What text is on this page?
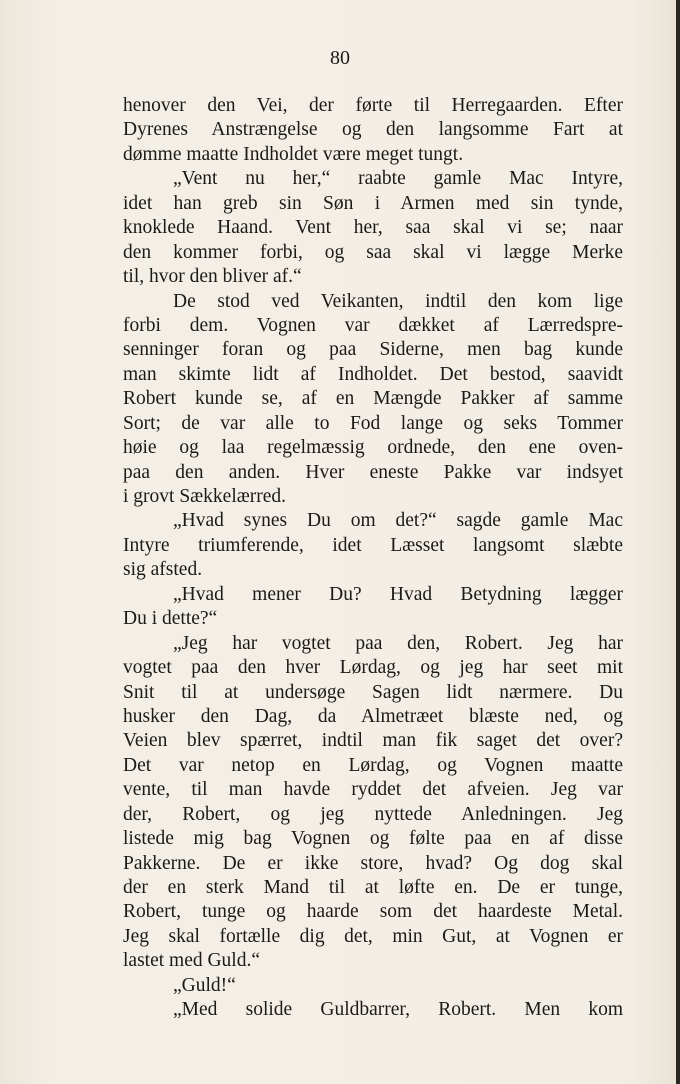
80
henover den Vei, der førte til Herregaarden. Efter
Dyrenes Anstrængelse og den langsomme Fart at
dømme maatte Indholdet være meget tungt.
„Vent nu her,“ raabte gamle Mac Intyre,
idet han greb sin Søn i Armen med sin tynde,
knoklede Haand. Vent her, saa skal vi se; naar
den kommer forbi, og saa skal vi lægge Merke
til, hvor den bliver af.“
De stod ved Veikanten, indtil den kom lige
forbi dem. Vognen var dækket af Lærredspre-
senninger foran og paa Siderne, men bag kunde
man skimte lidt af Indholdet. Det bestod, saavidt
Robert kunde se, af en Mængde Pakker af samme
Sort; de var alle to Fod lange og seks Tommer
høie og laa regelmæssig ordnede, den ene oven-
paa den anden. Hver eneste Pakke var indsyet
i grovt Sækkelærred.
„Hvad synes Du om det?“ sagde gamle Mac
Intyre triumferende, idet Læsset langsomt slæbte
sig afsted.
„Hvad mener Du? Hvad Betydning lægger
Du i dette?“
„Jeg har vogtet paa den, Robert. Jeg har
vogtet paa den hver Lørdag, og jeg har seet mit
Snit til at undersøge Sagen lidt nærmere. Du
husker den Dag, da Almetræet blæste ned, og
Veien blev spærret, indtil man fik saget det over?
Det var netop en Lørdag, og Vognen maatte
vente, til man havde ryddet det afveien. Jeg var
der, Robert, og jeg nyttede Anledningen. Jeg
listede mig bag Vognen og følte paa en af disse
Pakkerne. De er ikke store, hvad? Og dog skal
der en sterk Mand til at løfte en. De er tunge,
Robert, tunge og haarde som det haardeste Metal.
Jeg skal fortælle dig det, min Gut, at Vognen er
lastet med Guld.“
„Guld!“
„Med solide Guldbarrer, Robert. Men kom
